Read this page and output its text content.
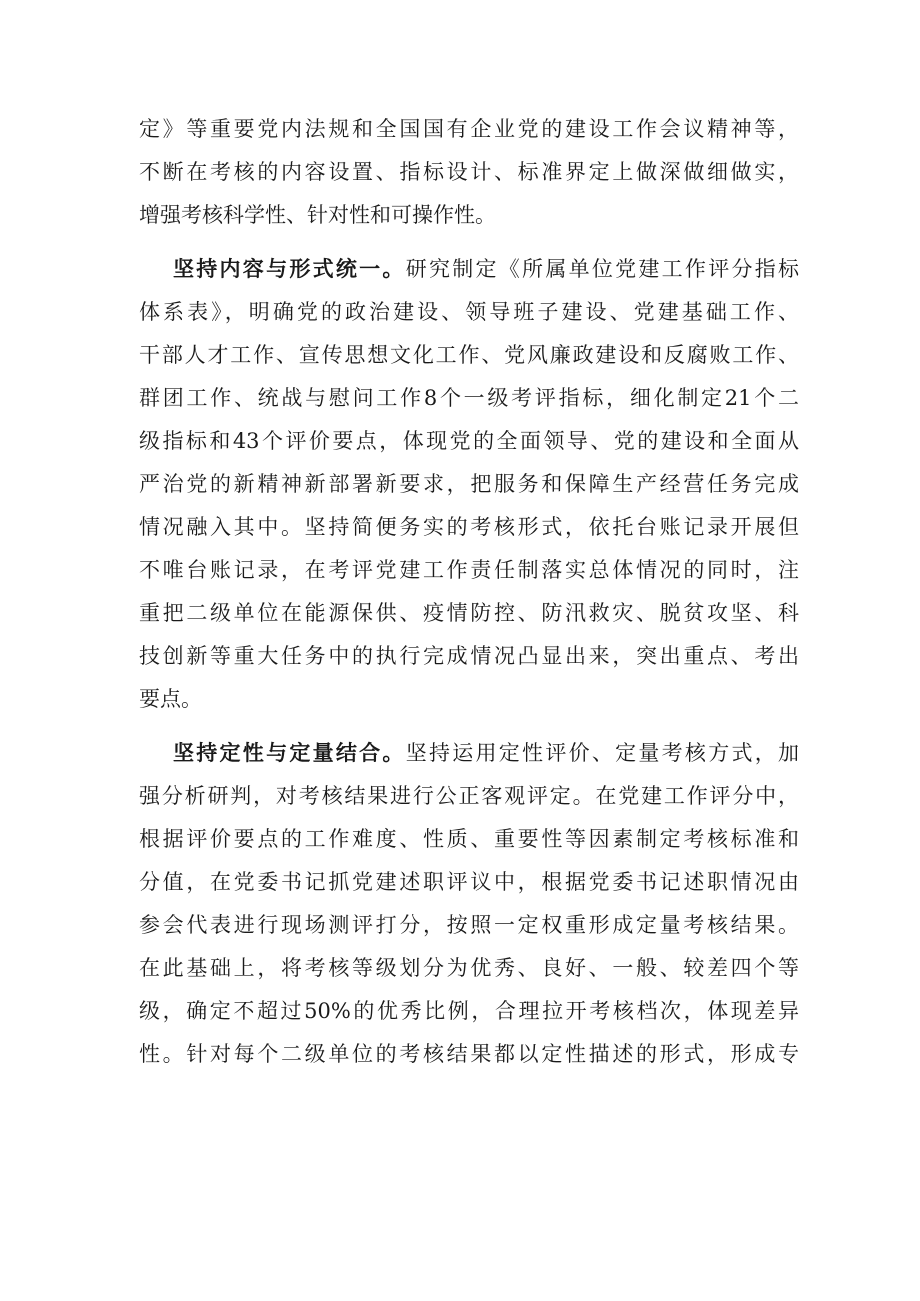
定》等重要党内法规和全国国有企业党的建设工作会议精神等，
不断在考核的内容设置、指标设计、标准界定上做深做细做实，
增强考核科学性、针对性和可操作性。
坚持内容与形式统一。研究制定《所属单位党建工作评分指标
体系表》，明确党的政治建设、领导班子建设、党建基础工作、
干部人才工作、宣传思想文化工作、党风廉政建设和反腐败工作、
群团工作、统战与慰问工作8个一级考评指标，细化制定21个二
级指标和43个评价要点，体现党的全面领导、党的建设和全面从
严治党的新精神新部署新要求，把服务和保障生产经营任务完成
情况融入其中。坚持简便务实的考核形式，依托台账记录开展但
不唯台账记录，在考评党建工作责任制落实总体情况的同时，注
重把二级单位在能源保供、疫情防控、防汛救灾、脱贫攻坚、科
技创新等重大任务中的执行完成情况凸显出来，突出重点、考出
要点。
坚持定性与定量结合。坚持运用定性评价、定量考核方式，加
强分析研判，对考核结果进行公正客观评定。在党建工作评分中，
根据评价要点的工作难度、性质、重要性等因素制定考核标准和
分值，在党委书记抓党建述职评议中，根据党委书记述职情况由
参会代表进行现场测评打分，按照一定权重形成定量考核结果。
在此基础上，将考核等级划分为优秀、良好、一般、较差四个等
级，确定不超过50%的优秀比例，合理拉开考核档次，体现差异
性。针对每个二级单位的考核结果都以定性描述的形式，形成专
